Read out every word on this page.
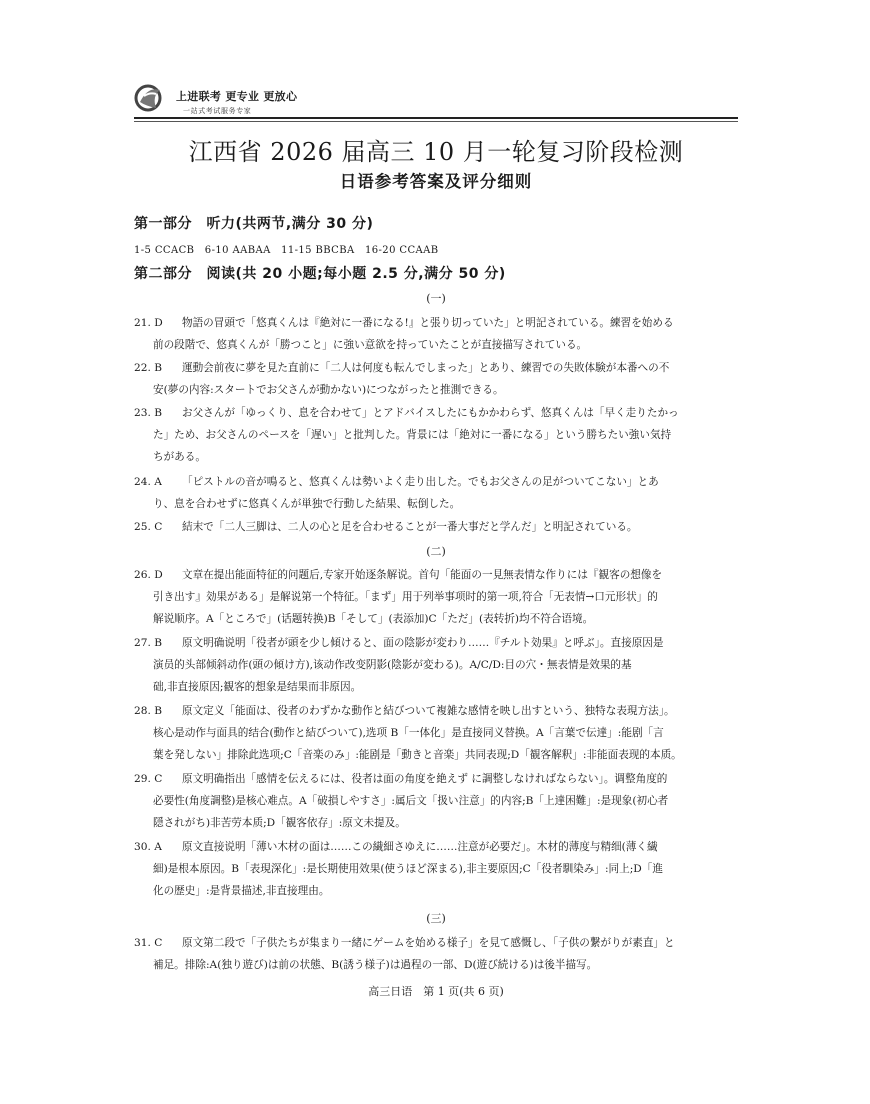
上进联考 更专业 更放心
一站式考试服务专家
江西省 2026 届高三 10 月一轮复习阶段检测
日语参考答案及评分细则
第一部分　听力(共两节,满分 30 分)
1-5 CCACB　6-10 AABAA　11-15 BBCBA　16-20 CCAAB
第二部分　阅读(共 20 小题;每小题 2.5 分,满分 50 分)
(一)
21. D 物語の冒頭で「悠真くんは『絶対に一番になる!』と張り切っていた」と明記されている。練習を始める
前の段階で、悠真くんが「勝つこと」に強い意欲を持っていたことが直接描写されている。
22. B 運動会前夜に夢を見た直前に「二人は何度も転んでしまった」とあり、練習での失敗体験が本番への不
安(夢の内容:スタートでお父さんが動かない)につながったと推測できる。
23. B お父さんが「ゆっくり、息を合わせて」とアドバイスしたにもかかわらず、悠真くんは「早く走りたかっ
た」ため、お父さんのペースを「遅い」と批判した。背景には「絶対に一番になる」という勝ちたい強い気持
ちがある。
24. A 「ピストルの音が鳴ると、悠真くんは勢いよく走り出した。でもお父さんの足がついてこない」とあ
り、息を合わせずに悠真くんが単独で行動した結果、転倒した。
25. C 結末で「二人三脚は、二人の心と足を合わせることが一番大事だと学んだ」と明記されている。
(二)
26. D 文章在提出能面特征的问题后,专家开始逐条解说。首句「能面の一見無表情な作りには『観客の想像を
引き出す』効果がある」是解说第一个特征。「まず」用于列举事项时的第一项,符合「无表情→口元形状」的
解说顺序。A「ところで」(话题转换)B「そして」(表添加)C「ただ」(表转折)均不符合语境。
27. B 原文明确说明「役者が頭を少し傾けると、面の陰影が変わり……『チルト効果』と呼ぶ」。直接原因是
演员的头部倾斜动作(頭の傾け方),该动作改变阴影(陰影が変わる)。A/C/D:目の穴・無表情是效果的基
础,非直接原因;観客的想象是结果而非原因。
28. B 原文定义「能面は、役者のわずかな動作と結びついて複雑な感情を映し出すという、独特な表現方法」。
核心是动作与面具的结合(動作と結びついて),选项 B「一体化」是直接同义替换。A「言葉で伝達」:能剧「言
葉を発しない」排除此选项;C「音楽のみ」:能剧是「動きと音楽」共同表现;D「観客解釈」:非能面表现的本质。
29. C 原文明确指出「感情を伝えるには、役者は面の角度を絶えず に調整しなければならない」。调整角度的
必要性(角度調整)是核心难点。A「破損しやすさ」:属后文「扱い注意」的内容;B「上達困難」:是现象(初心者
隠されがち)非苦劳本质;D「観客依存」:原文未提及。
30. A 原文直接说明「薄い木材の面は……この繊細さゆえに……注意が必要だ」。木材的薄度与精细(薄く繊
細)是根本原因。B「表現深化」:是长期使用效果(使うほど深まる),非主要原因;C「役者馴染み」:同上;D「進
化の歴史」:是背景描述,非直接理由。
(三)
31. C 原文第二段で「子供たちが集まり一緒にゲームを始める様子」を見て感慨し、「子供の繋がりが素直」と
補足。排除:A(独り遊び)は前の状態、B(誘う様子)は過程の一部、D(遊び続ける)は後半描写。
高三日语　第 1 页(共 6 页)
